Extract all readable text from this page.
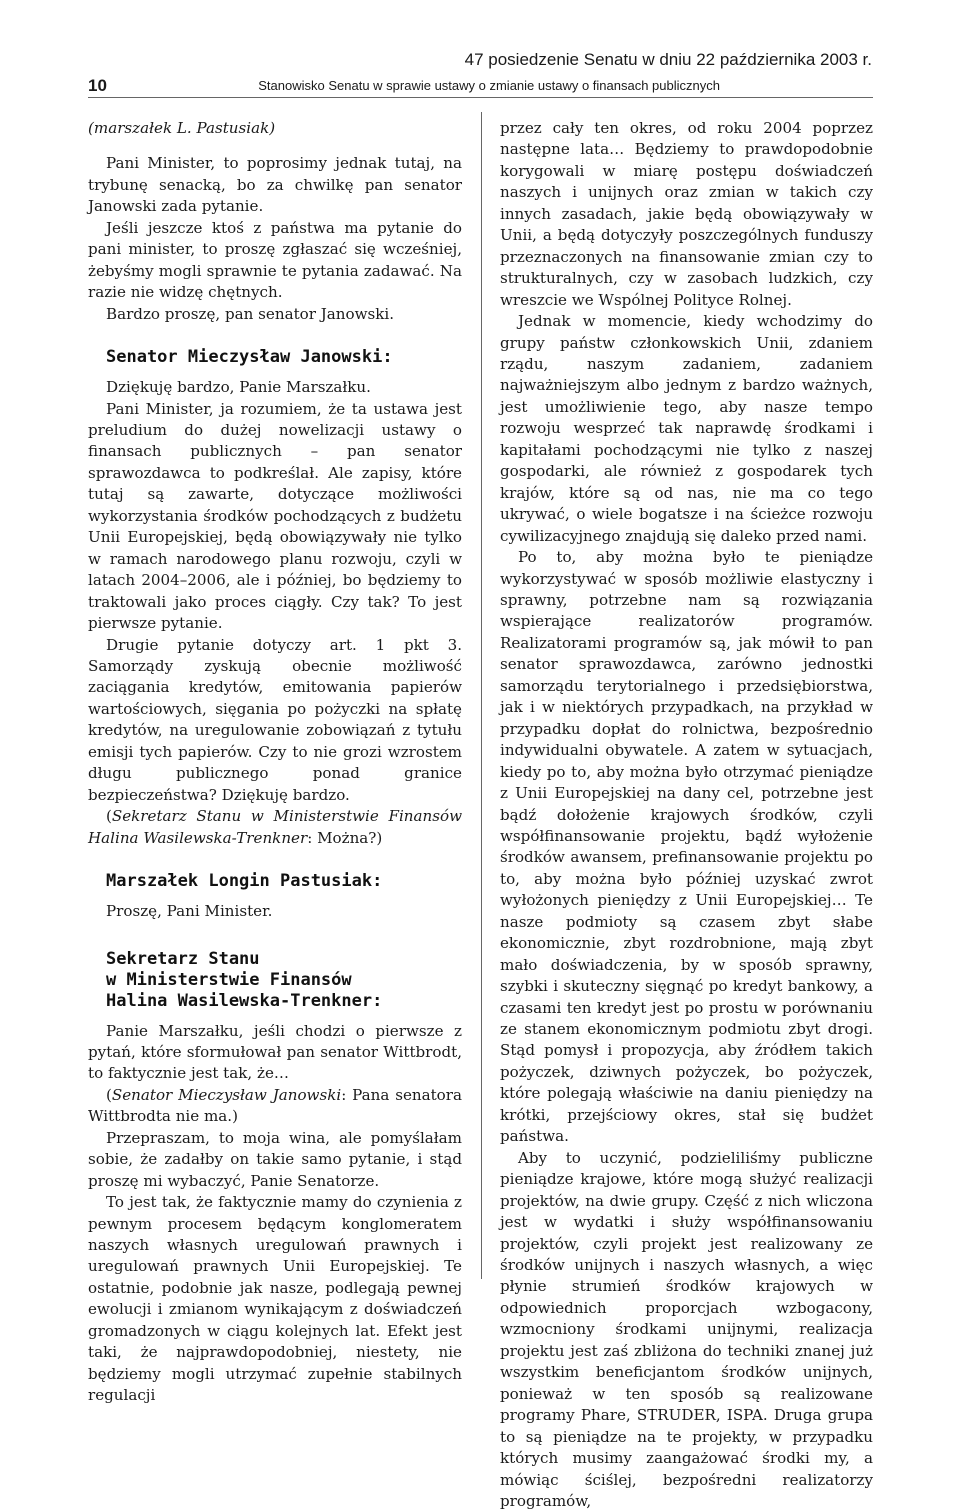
10
47 posiedzenie Senatu w dniu 22 października 2003 r.
Stanowisko Senatu w sprawie ustawy o zmianie ustawy o finansach publicznych
(marszałek L. Pastusiak)

Pani Minister, to poprosimy jednak tutaj, na trybunę senacką, bo za chwilkę pan senator Janowski zada pytanie.

Jeśli jeszcze ktoś z państwa ma pytanie do pani minister, to proszę zgłaszać się wcześniej, żebyśmy mogli sprawnie te pytania zadawać. Na razie nie widzę chętnych.

Bardzo proszę, pan senator Janowski.

Senator Mieczysław Janowski:

Dziękuję bardzo, Panie Marszałku.

Pani Minister, ja rozumiem, że ta ustawa jest preludium do dużej nowelizacji ustawy o finansach publicznych – pan senator sprawozdawca to podkreślał. Ale zapisy, które tutaj są zawarte, dotyczące możliwości wykorzystania środków pochodzących z budżetu Unii Europejskiej, będą obowiązywały nie tylko w ramach narodowego planu rozwoju, czyli w latach 2004–2006, ale i później, bo będziemy to traktowali jako proces ciągły. Czy tak? To jest pierwsze pytanie.

Drugie pytanie dotyczy art. 1 pkt 3. Samorządy zyskują obecnie możliwość zaciągania kredytów, emitowania papierów wartościowych, sięgania po pożyczki na spłatę kredytów, na uregulowanie zobowiązań z tytułu emisji tych papierów. Czy to nie grozi wzrostem długu publicznego ponad granice bezpieczeństwa? Dziękuję bardzo.

(Sekretarz Stanu w Ministerstwie Finansów Halina Wasilewska-Trenkner: Można?)

Marszałek Longin Pastusiak:

Proszę, Pani Minister.

Sekretarz Stanu
w Ministerstwie Finansów
Halina Wasilewska-Trenkner:

Panie Marszałku, jeśli chodzi o pierwsze z pytań, które sformułował pan senator Wittbrodt, to faktycznie jest tak, że…

(Senator Mieczysław Janowski: Pana senatora Wittbrodta nie ma.)

Przepraszam, to moja wina, ale pomyślałam sobie, że zadałby on takie samo pytanie, i stąd proszę mi wybaczyć, Panie Senatorze.

To jest tak, że faktycznie mamy do czynienia z pewnym procesem będącym konglomeratem naszych własnych uregulowań prawnych i uregulowań prawnych Unii Europejskiej. Te ostatnie, podobnie jak nasze, podlegają pewnej ewolucji i zmianom wynikającym z doświadczeń gromadzonych w ciągu kolejnych lat. Efekt jest taki, że najprawdopodobniej, niestety, nie będziemy mogli utrzymać zupełnie stabilnych regulacji

przez cały ten okres, od roku 2004 poprzez następne lata… Będziemy to prawdopodobnie korygowali w miarę postępu doświadczeń naszych i unijnych oraz zmian w takich czy innych zasadach, jakie będą obowiązywały w Unii, a będą dotyczyły poszczególnych funduszy przeznaczonych na finansowanie zmian czy to strukturalnych, czy w zasobach ludzkich, czy wreszcie we Wspólnej Polityce Rolnej.

Jednak w momencie, kiedy wchodzimy do grupy państw członkowskich Unii, zdaniem rządu, naszym zadaniem, zadaniem najważniejszym albo jednym z bardzo ważnych, jest umożliwienie tego, aby nasze tempo rozwoju wesprzeć tak naprawdę środkami i kapitałami pochodzącymi nie tylko z naszej gospodarki, ale również z gospodarek tych krajów, które są od nas, nie ma co tego ukrywać, o wiele bogatsze i na ścieżce rozwoju cywilizacyjnego znajdują się daleko przed nami.

Po to, aby można było te pieniądze wykorzystywać w sposób możliwie elastyczny i sprawny, potrzebne nam są rozwiązania wspierające realizatorów programów. Realizatorami programów są, jak mówił to pan senator sprawozdawca, zarówno jednostki samorządu terytorialnego i przedsiębiorstwa, jak i w niektórych przypadkach, na przykład w przypadku dopłat do rolnictwa, bezpośrednio indywidualni obywatele. A zatem w sytuacjach, kiedy po to, aby można było otrzymać pieniądze z Unii Europejskiej na dany cel, potrzebne jest bądź dołożenie krajowych środków, czyli współfinansowanie projektu, bądź wyłożenie środków awansem, prefinansowanie projektu po to, aby można było później uzyskać zwrot wyłożonych pieniędzy z Unii Europejskiej… Te nasze podmioty są czasem zbyt słabe ekonomicznie, zbyt rozdrobnione, mają zbyt mało doświadczenia, by w sposób sprawny, szybki i skuteczny sięgnąć po kredyt bankowy, a czasami ten kredyt jest po prostu w porównaniu ze stanem ekonomicznym podmiotu zbyt drogi. Stąd pomysł i propozycja, aby źródłem takich pożyczek, dziwnych pożyczek, bo pożyczek, które polegają właściwie na daniu pieniędzy na krótki, przejściowy okres, stał się budżet państwa.

Aby to uczynić, podzieliliśmy publiczne pieniądze krajowe, które mogą służyć realizacji projektów, na dwie grupy. Część z nich wliczona jest w wydatki i służy współfinansowaniu projektów, czyli projekt jest realizowany ze środków unijnych i naszych własnych, a więc płynie strumień środków krajowych w odpowiednich proporcjach wzbogacony, wzmocniony środkami unijnymi, realizacja projektu jest zaś zbliżona do techniki znanej już wszystkim beneficjantom środków unijnych, ponieważ w ten sposób są realizowane programy Phare, STRUDER, ISPA. Druga grupa to są pieniądze na te projekty, w przypadku których musimy zaangażować środki my, a mówiąc ściślej, bezpośredni realizatorzy programów,
